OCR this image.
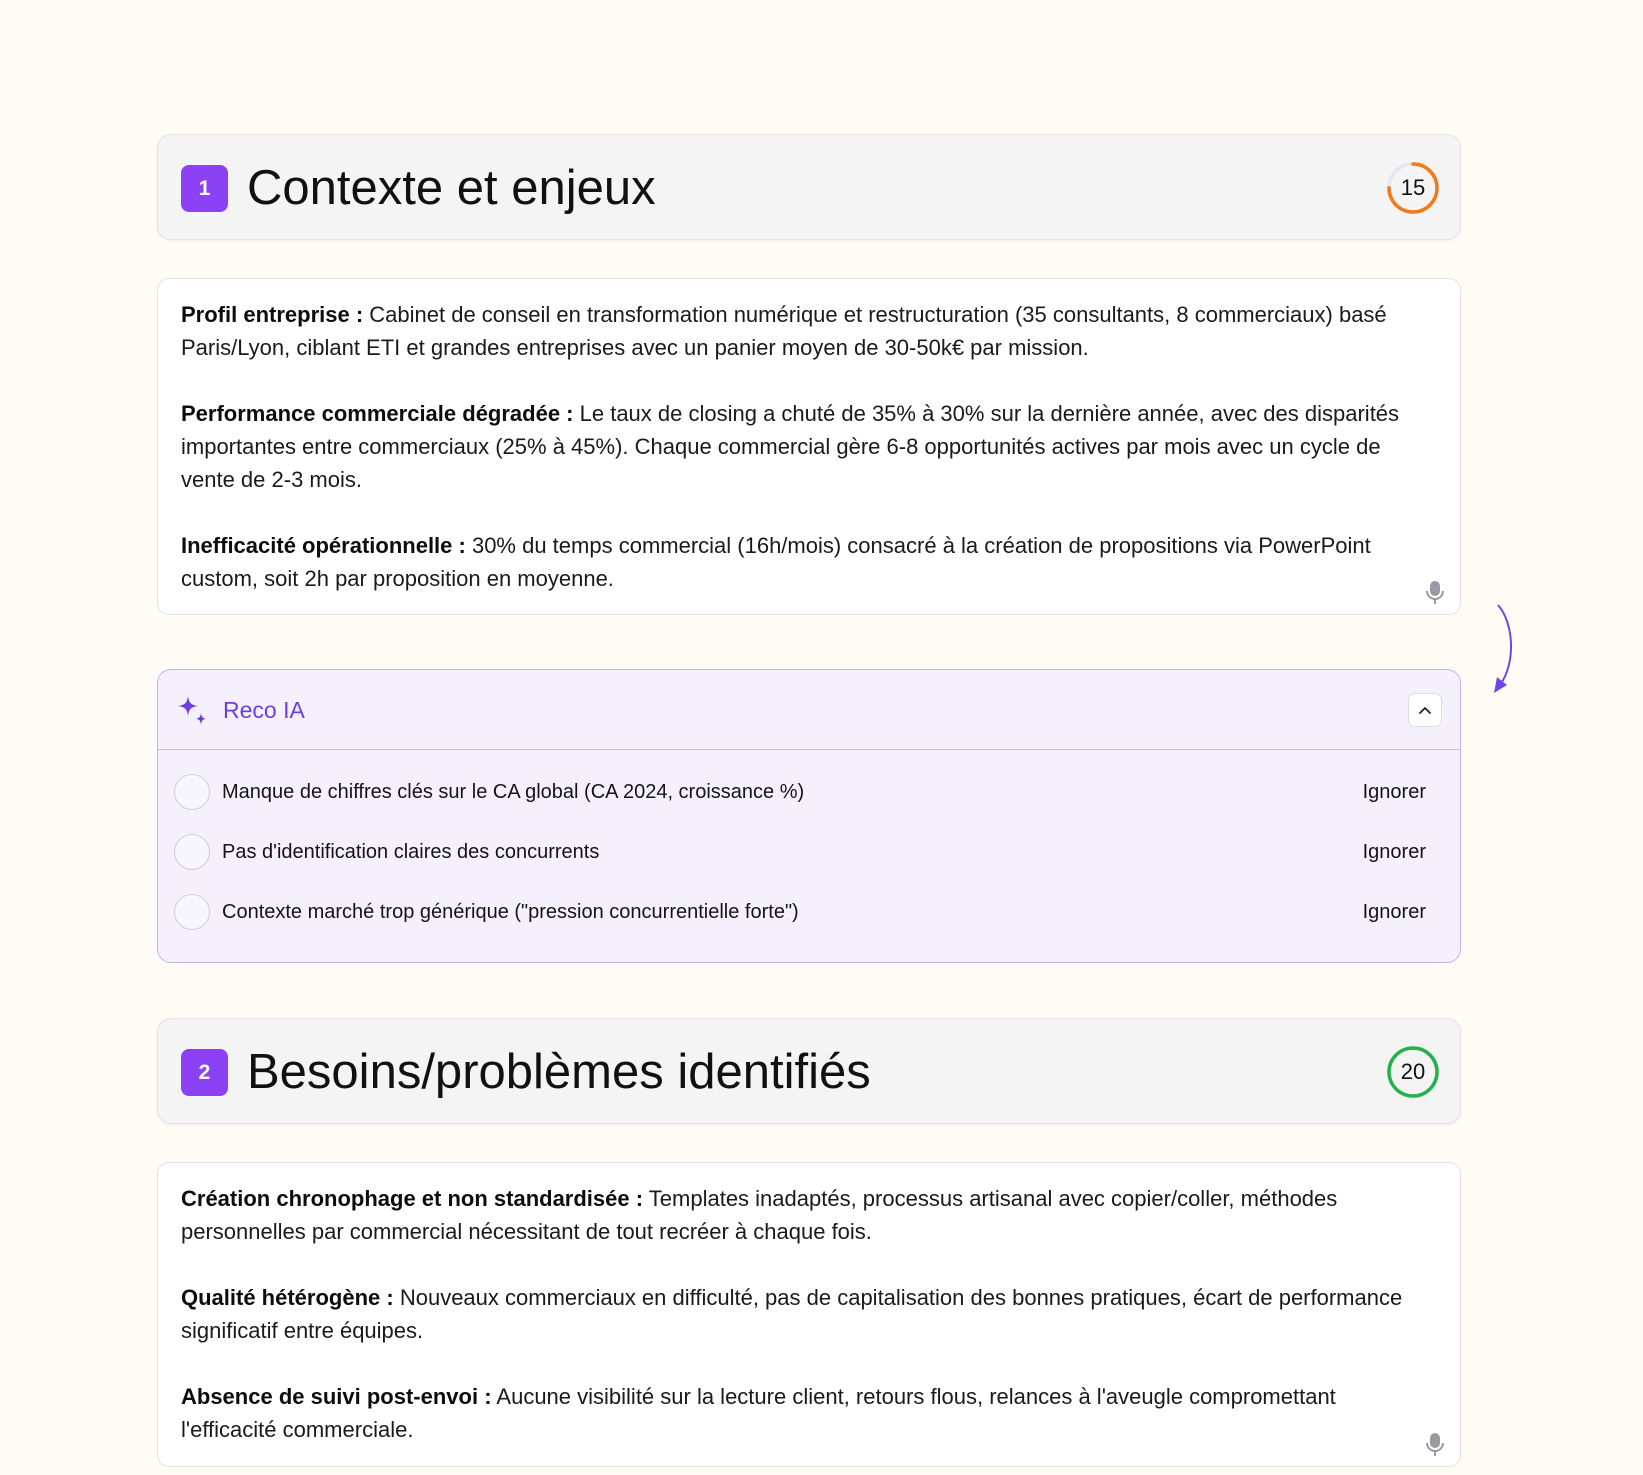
1 Contexte et enjeux	15

Profil entreprise : Cabinet de conseil en transformation numérique et restructuration (35 consultants, 8 commerciaux) basé Paris/Lyon, ciblant ETI et grandes entreprises avec un panier moyen de 30-50k€ par mission.

Performance commerciale dégradée : Le taux de closing a chuté de 35% à 30% sur la dernière année, avec des disparités importantes entre commerciaux (25% à 45%). Chaque commercial gère 6-8 opportunités actives par mois avec un cycle de vente de 2-3 mois.

Inefficacité opérationnelle : 30% du temps commercial (16h/mois) consacré à la création de propositions via PowerPoint custom, soit 2h par proposition en moyenne.

Reco IA
Manque de chiffres clés sur le CA global (CA 2024, croissance %)	Ignorer
Pas d'identification claires des concurrents	Ignorer
Contexte marché trop générique ("pression concurrentielle forte")	Ignorer
2 Besoins/problèmes identifiés	20

Création chronophage et non standardisée : Templates inadaptés, processus artisanal avec copier/coller, méthodes personnelles par commercial nécessitant de tout recréer à chaque fois.

Qualité hétérogène : Nouveaux commerciaux en difficulté, pas de capitalisation des bonnes pratiques, écart de performance significatif entre équipes.

Absence de suivi post-envoi : Aucune visibilité sur la lecture client, retours flous, relances à l'aveugle compromettant l'efficacité commerciale.
